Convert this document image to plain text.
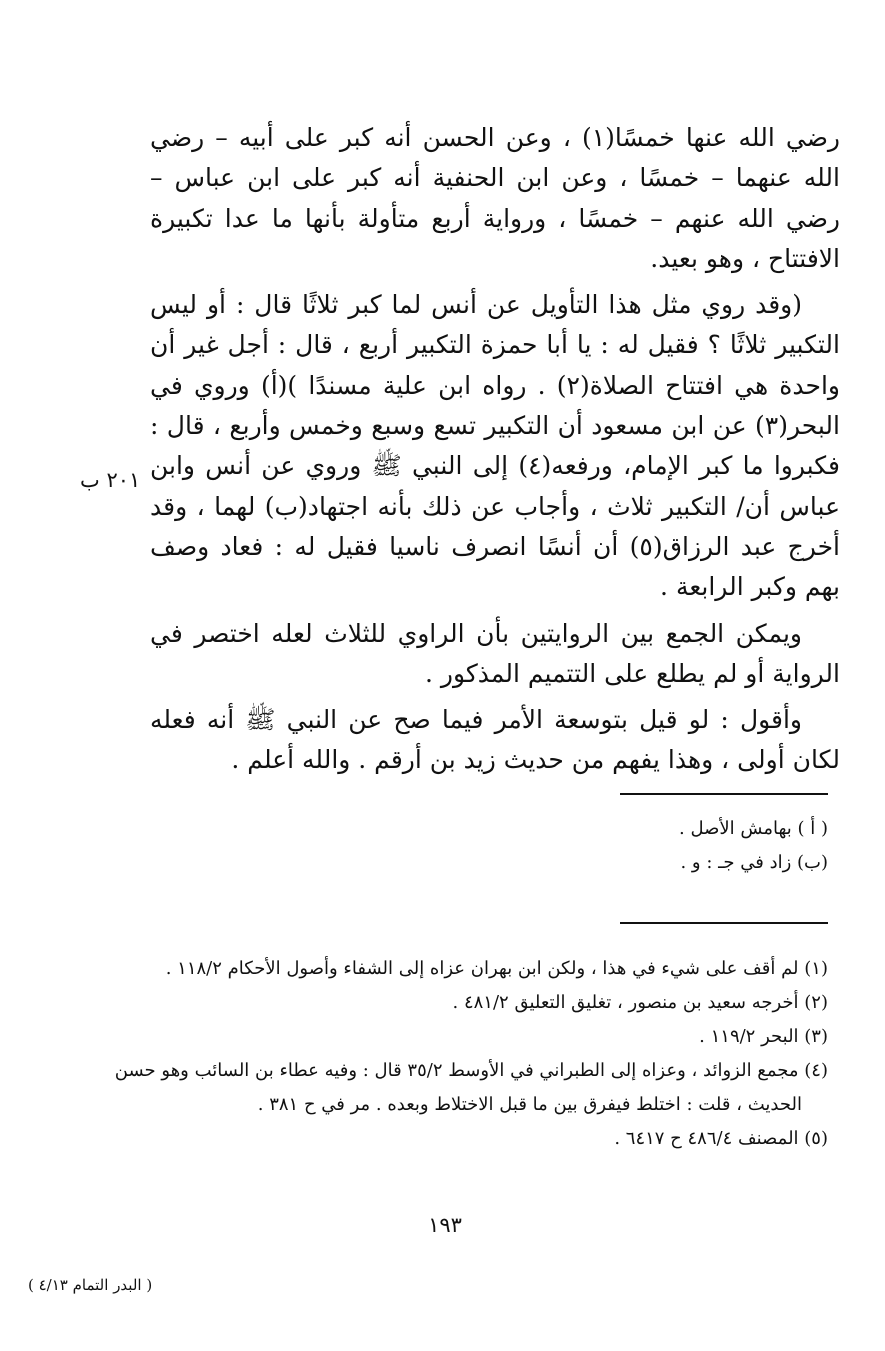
رضي الله عنها خمسًا(١) ، وعن الحسن أنه كبر على أبيه – رضي الله عنهما – خمسًا ، وعن ابن الحنفية أنه كبر على ابن عباس – رضي الله عنهم – خمسًا ، ورواية أربع متأولة بأنها ما عدا تكبيرة الافتتاح ، وهو بعيد.

(وقد روي مثل هذا التأويل عن أنس لما كبر ثلاثًا قال : أو ليس التكبير ثلاثًا ؟ فقيل له : يا أبا حمزة التكبير أربع ، قال : أجل غير أن واحدة هي افتتاح الصلاة(٢) . رواه ابن علية مسندًا )(أ) وروي في البحر(٣) عن ابن مسعود أن التكبير تسع وسبع وخمس وأربع ، قال : فكبروا ما كبر الإمام، ورفعه(٤) إلى النبي ﷺ وروي عن أنس وابن عباس أن/ التكبير ثلاث ، وأجاب عن ذلك بأنه اجتهاد(ب) لهما ، وقد أخرج عبد الرزاق(٥) أن أنسًا انصرف ناسيا فقيل له : فعاد وصف بهم وكبر الرابعة .

ويمكن الجمع بين الروايتين بأن الراوي للثلاث لعله اختصر في الرواية أو لم يطلع على التتميم المذكور .

وأقول : لو قيل بتوسعة الأمر فيما صح عن النبي ﷺ أنه فعله لكان أولى ، وهذا يفهم من حديث زيد بن أرقم . والله أعلم .

٢٠١ ب
( أ ) بهامش الأصل .
(ب) زاد في جـ : و .
(١) لم أقف على شيء في هذا ، ولكن ابن بهران عزاه إلى الشفاء وأصول الأحكام ١١٨/٢ .
(٢) أخرجه سعيد بن منصور ، تغليق التعليق ٤٨١/٢ .
(٣) البحر ١١٩/٢ .
(٤) مجمع الزوائد ، وعزاه إلى الطبراني في الأوسط ٣٥/٢ قال : وفيه عطاء بن السائب وهو حسن
الحديث ، قلت : اختلط فيفرق بين ما قبل الاختلاط وبعده . مر في ح ٣٨١ .
(٥) المصنف ٤٨٦/٤ ح ٦٤١٧ .
١٩٣
( البدر التمام ٤/١٣ )
